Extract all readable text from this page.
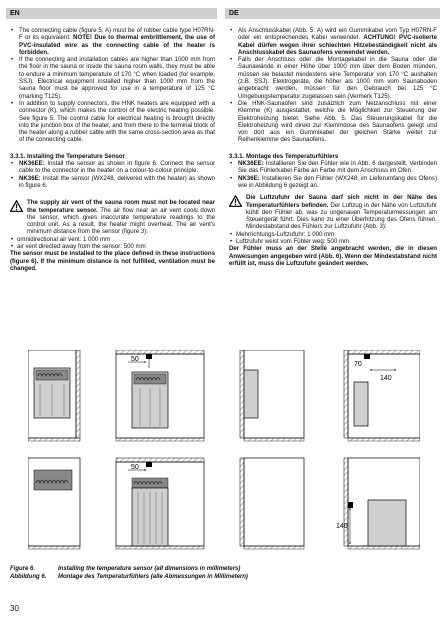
EN	DE
• The connecting cable (figure 5: A) must be of rubber cable type H07RN-F or its equivalent. NOTE! Due to thermal embrittlement, the use of PVC-insulated wire as the connecting cable of the heater is forbidden.
• If the connecting and installation cables are higher than 1000 mm from the floor in the sauna or inside the sauna room walls, they must be able to endure a minimum temperature of 170 °C when loaded (for example, SSJ). Electrical equipment installed higher than 1000 mm from the sauna floor must be approved for use in a temperature of 125 °C (marking T125).
• In addition to supply connectors, the HNK heaters are equipped with a connector (K), which makes the control of the electric heating possible. See figure 5. The control cable for electrical heating is brought directly into the junction box of the heater, and from there to the terminal block of the heater along a rubber cable with the same cross-section area as that of the connecting cable.
3.3.1. Installing the Temperature Sensor
• NK36EE: Install the sensor as shown in figure 6. Connect the sensor cable to the connector in the heater on a colour-to-colour principle.
• NK36E: Install the sensor (WX248, delivered with the heater) as shown in figure 6.
The supply air vent of the sauna room must not be located near the temperature sensor. The air flow near an air vent cools down the sensor, which gives inaccurate temperature readings to the control unit. As a result, the heater might overheat. The air vent's minimum distance from the sensor (figure 3):
• omnidirectional air vent: 1 000 mm
• air vent directed away from the sensor: 500 mm

The sensor must be installed to the place defined in these instructions (figure 6). If the minimum distance is not fulfilled, ventilation must be changed.

• Als Anschlusskabel (Abb. 5: A) wird ein Gummikabel vom Typ H07RN-F oder ein entsprechendes Kabel verwendet. ACHTUNG! PVC-isolierte Kabel dürfen wegen ihrer schlechten Hitzebeständigkeit nicht als Anschlusskabel des Saunaofens verwendet werden.
• Falls der Anschluss oder die Montagekabel in die Sauna oder die Saunawände in einer Höhe über 1000 mm über dem Boden münden, müssen sie belastet mindestens eine Temperatur von 170 °C aushalten (z.B. SSJ). Elektrogeräte, die höher als 1000 mm vom Saunaboden angebracht werden, müssen für den Gebrauch bei 125 °C Umgebungstemperatur zugelassen sein (Vermerk T125).
• Die HNK-Saunaöfen sind zusätzlich zum Netzanschluss mit einer Klemme (K) ausgestattet, welche die Möglichkeit zur Steuerung der Elektroheizung bietet. Siehe Abb. 5. Das Steuerungskabel für die Elektroheizung wird direkt zur Klemmdose des Saunaofens gelegt und von dort aus ein Gummikabel der gleichen Stärke weiter zur Reihenklemme des Saunaofens.
3.3.1. Montage des Temperaturfühlers
• NK36EE: Installieren Sie den Fühler wie in Abb. 6 dargestellt. Verbinden Sie das Fühlerkabel Farbe an Farbe mit dem Anschluss im Ofen.
• NK36E: Installieren Sie den Fühler (WX248, im Lieferumfang des Ofens) wie in Abbildung 6 gezeigt an.
Die Luftzufuhr der Sauna darf sich nicht in der Nähe des Temperaturfühlers befinden. Der Luftzug in der Nähe von Luftzufuhr kühlt den Fühler ab, was zu ungenauen Temperaturmessungen am Steuergerät führt. Dies kann zu einer Überhitzung des Ofens führen. Mindestabstand des Fühlers zur Luftzufuhr (Abb. 3):
• Mehrrichtungs-Luftzufuhr: 1 000 mm
• Luftzufuhr weist vom Fühler weg: 500 mm

Der Fühler muss an der Stelle angebracht werden, die in diesen Anweisungen angegeben wird (Abb. 6). Wenn der Mindestabstand nicht erfüllt ist, muss die Luftzufuhr geändert werden.

50
70
140
50
140
Figure 6.	Installing the temperature sensor (all dimensions in millimeters)
Abbildung 6. Montage des Temperaturfühlers (alle Abmessungen in Millimetern)
30
